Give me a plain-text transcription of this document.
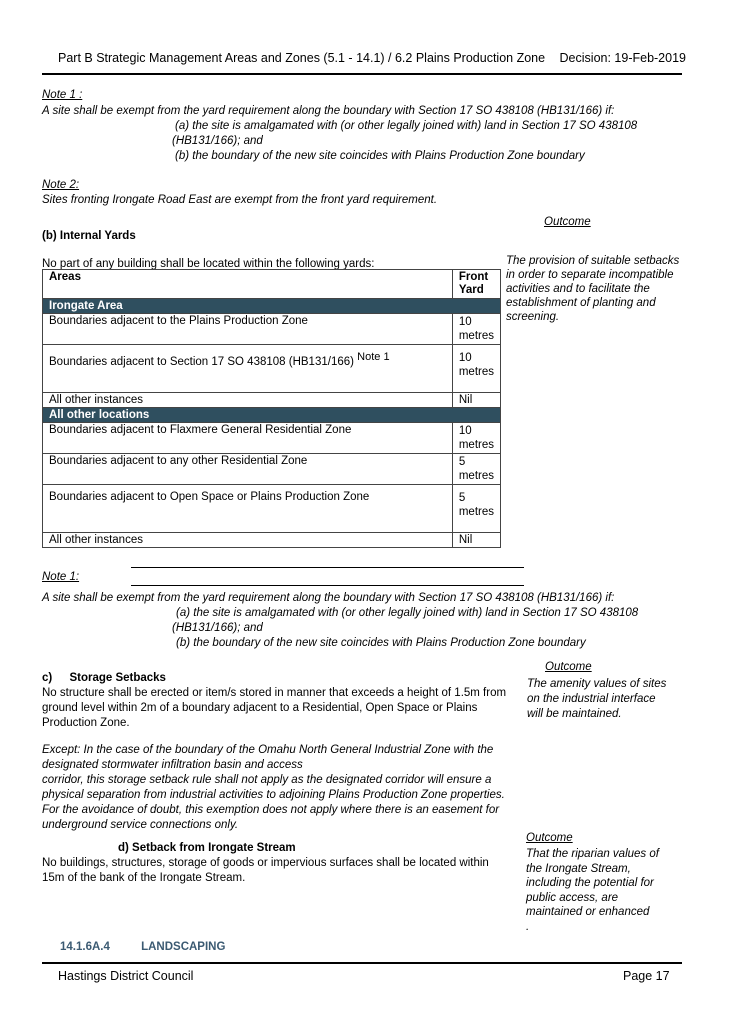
Part B Strategic Management Areas and Zones (5.1 - 14.1) / 6.2 Plains Production Zone Decision: 19-Feb-2019
Note 1 :
A site shall be exempt from the yard requirement along the boundary with Section 17 SO 438108 (HB131/166) if:
(a) the site is amalgamated with (or other legally joined with) land in Section 17 SO 438108
(HB131/166); and
(b) the boundary of the new site coincides with Plains Production Zone boundary
Note 2:
Sites fronting Irongate Road East are exempt from the front yard requirement.
Outcome
(b) Internal Yards
No part of any building shall be located within the following yards:	The provision of suitable setbacks
in order to separate incompatible
activities and to facilitate the
establishment of planting and
screening.
Areas	Front
Yard

Irongate Area	
Boundaries adjacent to the Plains Production Zone	10
metres

Boundaries adjacent to Section 17 SO 438108 (HB131/166) $^{Note 1}$	10
metres

All other instances	Nil
All other locations	
Boundaries adjacent to Flaxmere General Residential Zone	10
metres

Boundaries adjacent to any other Residential Zone	5
metres

Boundaries adjacent to Open Space or Plains Production Zone	5
metres

All other instances	Nil
Note 1:
A site shall be exempt from the yard requirement along the boundary with Section 17 SO 438108 (HB131/166) if:
(a) the site is amalgamated with (or other legally joined with) land in Section 17 SO 438108
(HB131/166); and
(b) the boundary of the new site coincides with Plains Production Zone boundary
Outcome
c) Storage Setbacks	The amenity values of sites
on the industrial interface
will be maintained.
No structure shall be erected or item/s stored in manner that exceeds a height of 1.5m from
ground level within 2m of a boundary adjacent to a Residential, Open Space or Plains
Production Zone.
Except: In the case of the boundary of the Omahu North General Industrial Zone with the
designated stormwater infiltration basin and access
corridor, this storage setback rule shall not apply as the designated corridor will ensure a
physical separation from industrial activities to adjoining Plains Production Zone properties.
For the avoidance of doubt, this exemption does not apply where there is an easement for
underground service connections only.
Outcome
d) Setback from Irongate Stream	That the riparian values of
the Irongate Stream,
including the potential for
public access, are
maintained or enhanced
.
No buildings, structures, storage of goods or impervious surfaces shall be located within
15m of the bank of the Irongate Stream.
14.1.6A.4	LANDSCAPING
Hastings District Council	Page 17
